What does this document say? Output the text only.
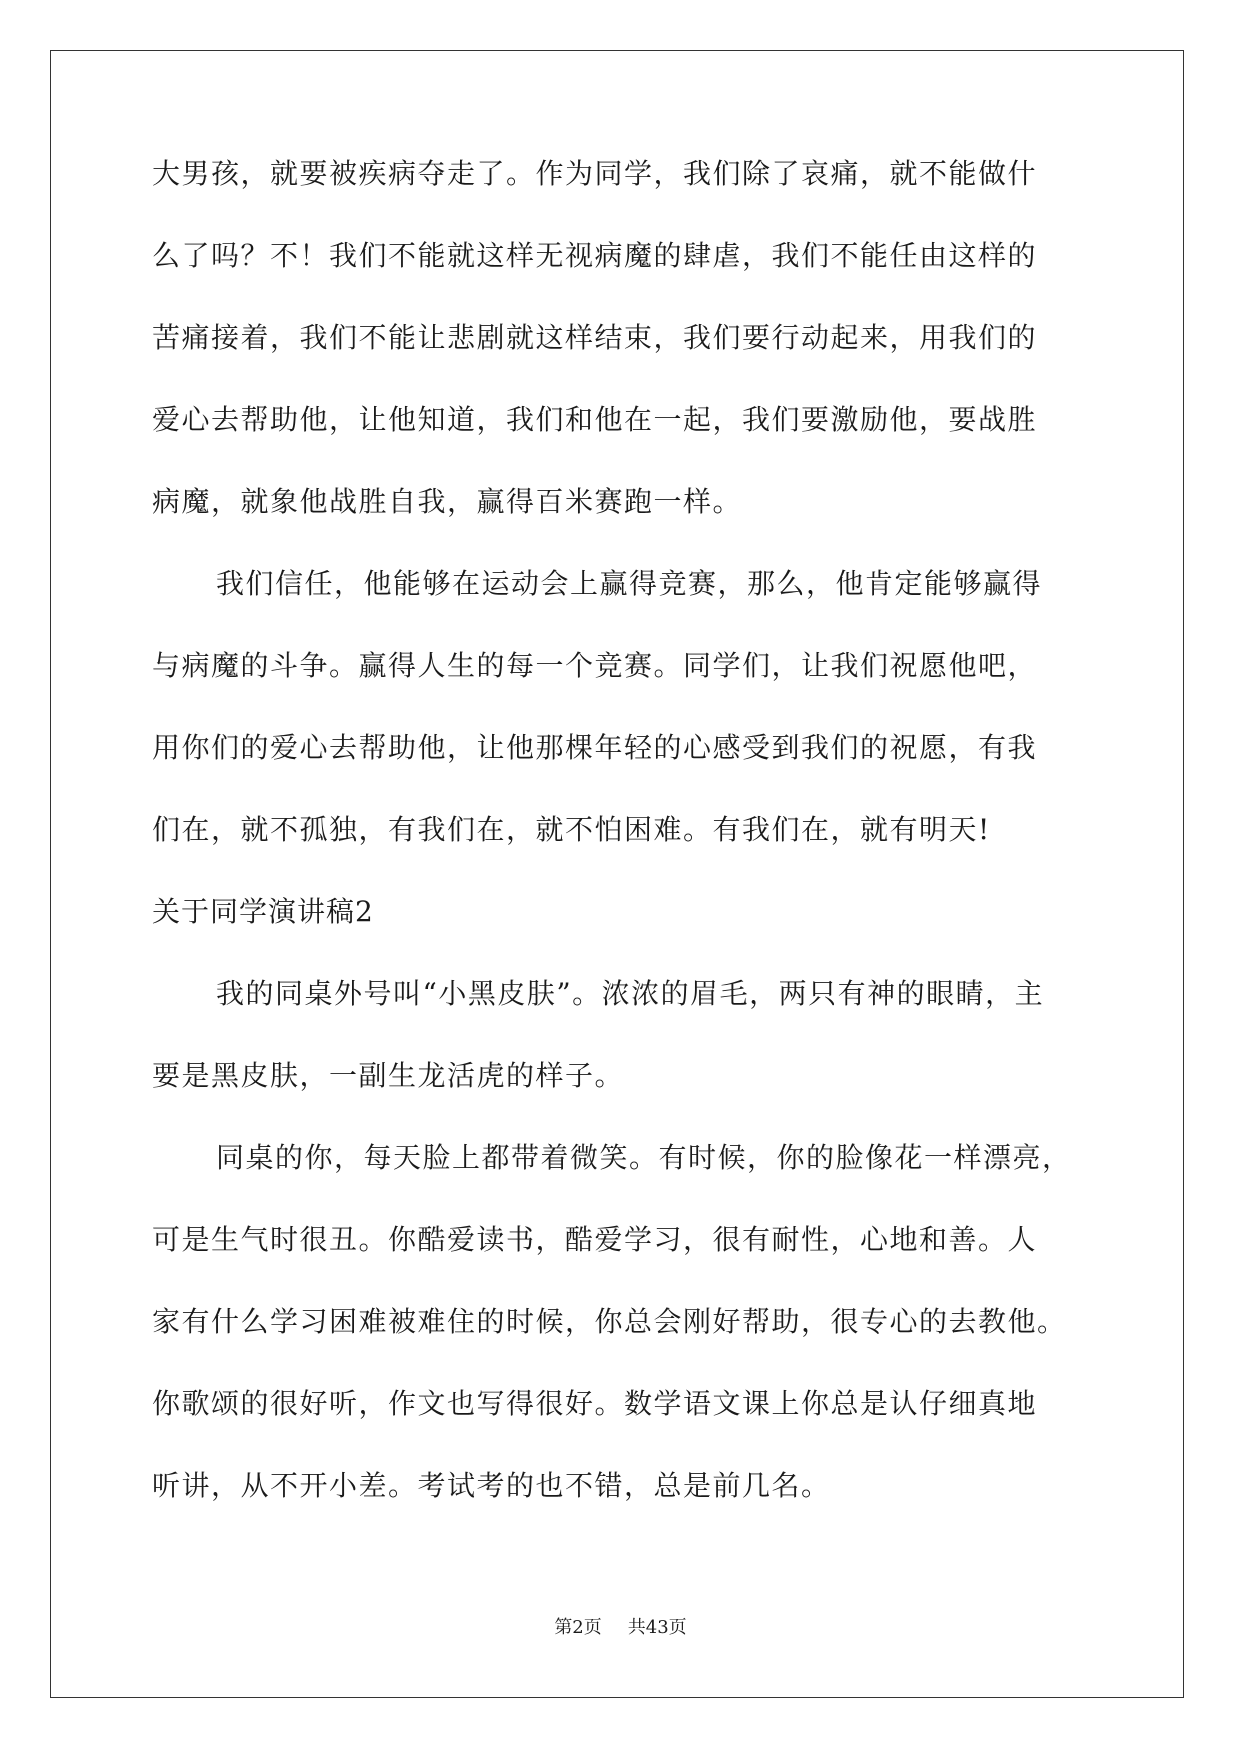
大男孩，就要被疾病夺走了。作为同学，我们除了哀痛，就不能做什
么了吗？不！我们不能就这样无视病魔的肆虐，我们不能任由这样的
苦痛接着，我们不能让悲剧就这样结束，我们要行动起来，用我们的
爱心去帮助他，让他知道，我们和他在一起，我们要激励他，要战胜
病魔，就象他战胜自我，赢得百米赛跑一样。
我们信任，他能够在运动会上赢得竞赛，那么，他肯定能够赢得
与病魔的斗争。赢得人生的每一个竞赛。同学们，让我们祝愿他吧，
用你们的爱心去帮助他，让他那棵年轻的心感受到我们的祝愿，有我
们在，就不孤独，有我们在，就不怕困难。有我们在，就有明天!
关于同学演讲稿2
我的同桌外号叫“小黑皮肤”。浓浓的眉毛，两只有神的眼睛，主
要是黑皮肤，一副生龙活虎的样子。
同桌的你，每天脸上都带着微笑。有时候，你的脸像花一样漂亮，
可是生气时很丑。你酷爱读书，酷爱学习，很有耐性，心地和善。人
家有什么学习困难被难住的时候，你总会刚好帮助，很专心的去教他。
你歌颂的很好听，作文也写得很好。数学语文课上你总是认仔细真地
听讲，从不开小差。考试考的也不错，总是前几名。
第2页 共43页
